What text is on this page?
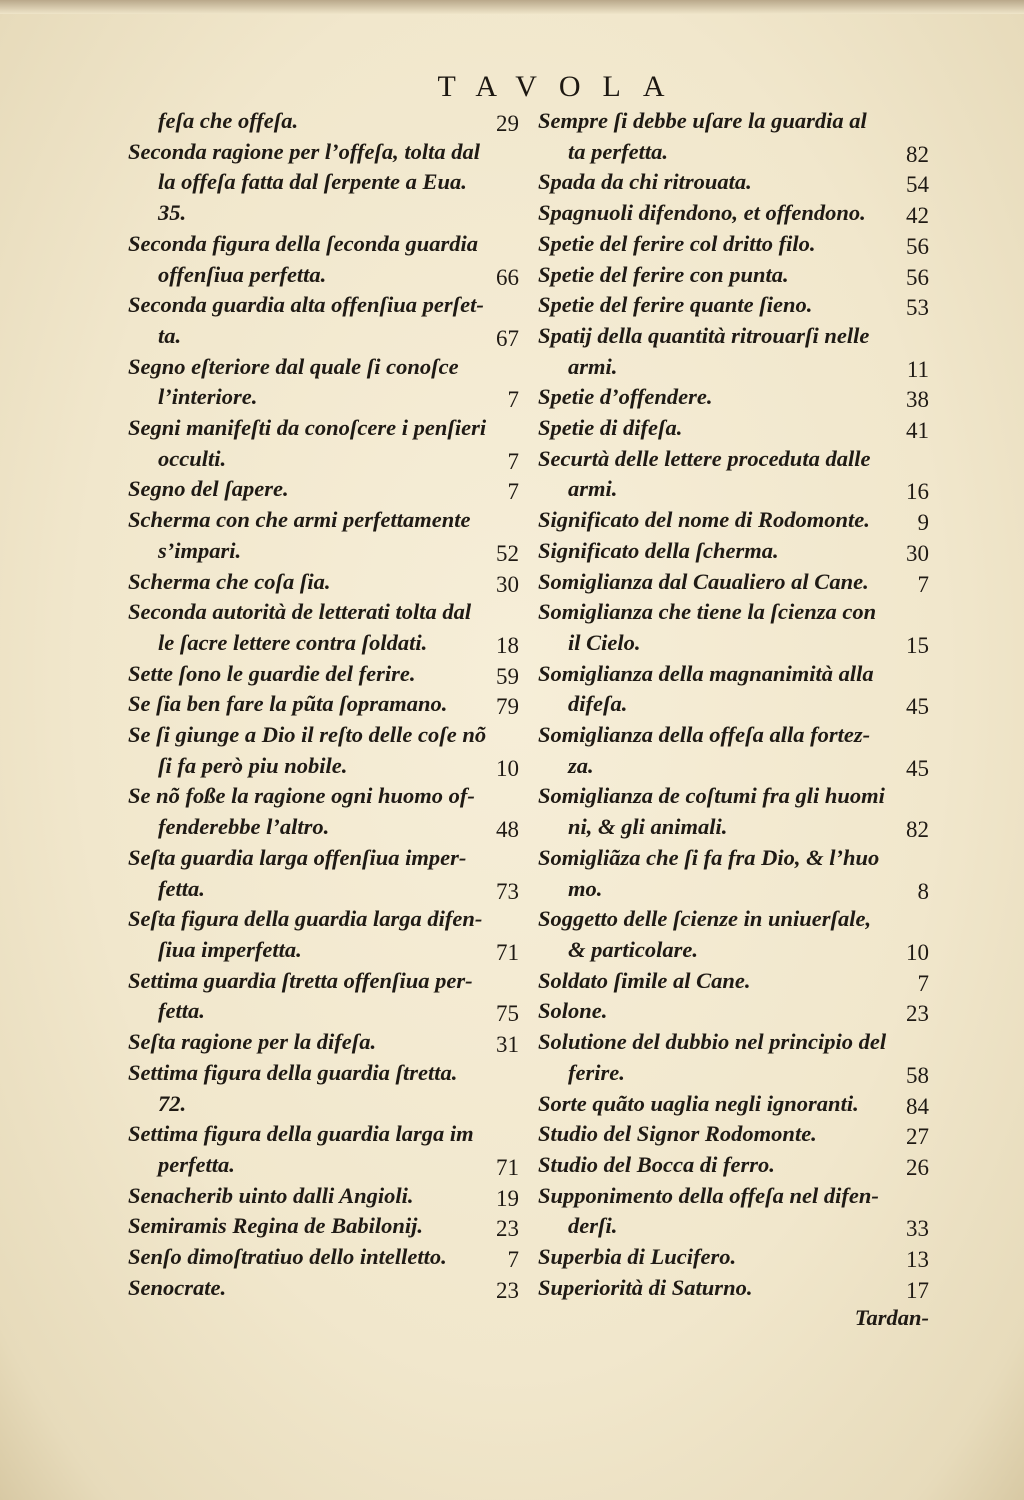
TAVOLA
feſa che offeſa.	29
Seconda ragione per l’offeſa, tolta dal
la offeſa fatta dal ſerpente a Eua.
35.
Seconda figura della ſeconda guardia
offenſiua perfetta.	66
Seconda guardia alta offenſiua perſet-
ta.	67
Segno eſteriore dal quale ſi conoſce
l’interiore.	7
Segni manifeſti da conoſcere i penſieri
occulti.	7
Segno del ſapere.	7
Scherma con che armi perfettamente
s’impari.	52
Scherma che coſa ſia.	30
Seconda autorità de letterati tolta dal
le ſacre lettere contra ſoldati.	18
Sette ſono le guardie del ferire.	59
Se ſia ben fare la pũta ſopramano.	79
Se ſi giunge a Dio il reſto delle coſe nõ
ſi fa però piu nobile.	10
Se nõ foße la ragione ogni huomo of-
fenderebbe l’altro.	48
Seſta guardia larga offenſiua imper-
fetta.	73
Seſta figura della guardia larga difen-
ſiua imperfetta.	71
Settima guardia ſtretta offenſiua per-
fetta.	75
Seſta ragione per la difeſa.	31
Settima figura della guardia ſtretta.
72.
Settima figura della guardia larga im
perfetta.	71
Senacherib uinto dalli Angioli.	19
Semiramis Regina de Babilonij.	23
Senſo dimoſtratiuo dello intelletto.	7
Senocrate.	23
Sempre ſi debbe uſare la guardia al
ta perfetta.	82
Spada da chi ritrouata.	54
Spagnuoli difendono, et offendono.	42
Spetie del ferire col dritto filo.	56
Spetie del ferire con punta.	56
Spetie del ferire quante ſieno.	53
Spatij della quantità ritrouarſi nelle
armi.	11
Spetie d’offendere.	38
Spetie di difeſa.	41
Securtà delle lettere proceduta dalle
armi.	16
Significato del nome di Rodomonte.	9
Significato della ſcherma.	30
Somiglianza dal Caualiero al Cane.	7
Somiglianza che tiene la ſcienza con
il Cielo.	15
Somiglianza della magnanimità alla
difeſa.	45
Somiglianza della offeſa alla fortez-
za.	45
Somiglianza de coſtumi fra gli huomi
ni, & gli animali.	82
Somigliãza che ſi fa fra Dio, & l’huo
mo.	8
Soggetto delle ſcienze in uniuerſale,
& particolare.	10
Soldato ſimile al Cane.	7
Solone.	23
Solutione del dubbio nel principio del
ferire.	58
Sorte quãto uaglia negli ignoranti.	84
Studio del Signor Rodomonte.	27
Studio del Bocca di ferro.	26
Supponimento della offeſa nel difen-
derſi.	33
Superbia di Lucifero.	13
Superiorità di Saturno.	17
Tardan-
